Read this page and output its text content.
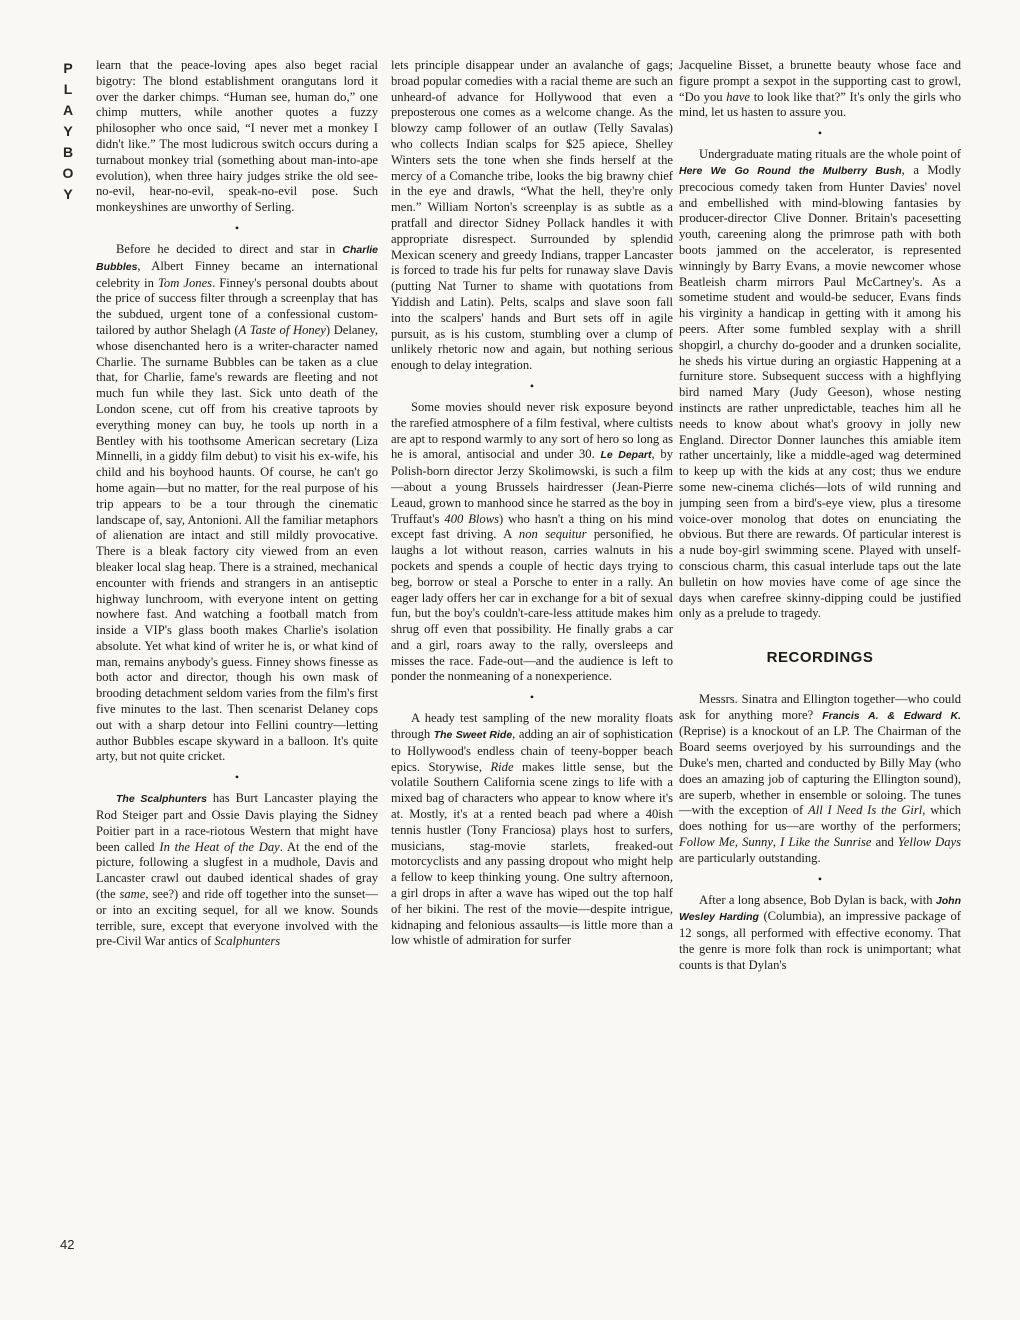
P
L
A
Y
B
O
Y
42

learn that the peace-loving apes also beget racial bigotry: The blond establishment orangutans lord it over the darker chimps. “Human see, human do,” one chimp mutters, while another quotes a fuzzy philosopher who once said, “I never met a monkey I didn't like.” The most ludicrous switch occurs during a turnabout monkey trial (something about man-into-ape evolution), when three hairy judges strike the old see-no-evil, hear-no-evil, speak-no-evil pose. Such monkeyshines are unworthy of Serling.

•

Before he decided to direct and star in Charlie Bubbles, Albert Finney became an international celebrity in Tom Jones. Finney's personal doubts about the price of success filter through a screenplay that has the subdued, urgent tone of a confessional custom-tailored by author Shelagh (A Taste of Honey) Delaney, whose disenchanted hero is a writer-character named Charlie. The surname Bubbles can be taken as a clue that, for Charlie, fame's rewards are fleeting and not much fun while they last. Sick unto death of the London scene, cut off from his creative taproots by everything money can buy, he tools up north in a Bentley with his toothsome American secretary (Liza Minnelli, in a giddy film debut) to visit his ex-wife, his child and his boyhood haunts. Of course, he can't go home again—but no matter, for the real purpose of his trip appears to be a tour through the cinematic landscape of, say, Antonioni. All the familiar metaphors of alienation are intact and still mildly provocative. There is a bleak factory city viewed from an even bleaker local slag heap. There is a strained, mechanical encounter with friends and strangers in an antiseptic highway lunchroom, with everyone intent on getting nowhere fast. And watching a football match from inside a VIP's glass booth makes Charlie's isolation absolute. Yet what kind of writer he is, or what kind of man, remains anybody's guess. Finney shows finesse as both actor and director, though his own mask of brooding detachment seldom varies from the film's first five minutes to the last. Then scenarist Delaney cops out with a sharp detour into Fellini country—letting author Bubbles escape skyward in a balloon. It's quite arty, but not quite cricket.

•

The Scalphunters has Burt Lancaster playing the Rod Steiger part and Ossie Davis playing the Sidney Poitier part in a race-riotous Western that might have been called In the Heat of the Day. At the end of the picture, following a slugfest in a mudhole, Davis and Lancaster crawl out daubed identical shades of gray (the same, see?) and ride off together into the sunset—or into an exciting sequel, for all we know. Sounds terrible, sure, except that everyone involved with the pre-Civil War antics of Scalphunters

lets principle disappear under an avalanche of gags; broad popular comedies with a racial theme are such an unheard-of advance for Hollywood that even a preposterous one comes as a welcome change. As the blowzy camp follower of an outlaw (Telly Savalas) who collects Indian scalps for $25 apiece, Shelley Winters sets the tone when she finds herself at the mercy of a Comanche tribe, looks the big brawny chief in the eye and drawls, “What the hell, they're only men.” William Norton's screenplay is as subtle as a pratfall and director Sidney Pollack handles it with appropriate disrespect. Surrounded by splendid Mexican scenery and greedy Indians, trapper Lancaster is forced to trade his fur pelts for runaway slave Davis (putting Nat Turner to shame with quotations from Yiddish and Latin). Pelts, scalps and slave soon fall into the scalpers' hands and Burt sets off in agile pursuit, as is his custom, stumbling over a clump of unlikely rhetoric now and again, but nothing serious enough to delay integration.

•

Some movies should never risk exposure beyond the rarefied atmosphere of a film festival, where cultists are apt to respond warmly to any sort of hero so long as he is amoral, antisocial and under 30. Le Depart, by Polish-born director Jerzy Skolimowski, is such a film—about a young Brussels hairdresser (Jean-Pierre Leaud, grown to manhood since he starred as the boy in Truffaut's 400 Blows) who hasn't a thing on his mind except fast driving. A non sequitur personified, he laughs a lot without reason, carries walnuts in his pockets and spends a couple of hectic days trying to beg, borrow or steal a Porsche to enter in a rally. An eager lady offers her car in exchange for a bit of sexual fun, but the boy's couldn't-care-less attitude makes him shrug off even that possibility. He finally grabs a car and a girl, roars away to the rally, oversleeps and misses the race. Fade-out—and the audience is left to ponder the nonmeaning of a nonexperience.

•

A heady test sampling of the new morality floats through The Sweet Ride, adding an air of sophistication to Hollywood's endless chain of teeny-bopper beach epics. Storywise, Ride makes little sense, but the volatile Southern California scene zings to life with a mixed bag of characters who appear to know where it's at. Mostly, it's at a rented beach pad where a 40ish tennis hustler (Tony Franciosa) plays host to surfers, musicians, stag-movie starlets, freaked-out motorcyclists and any passing dropout who might help a fellow to keep thinking young. One sultry afternoon, a girl drops in after a wave has wiped out the top half of her bikini. The rest of the movie—despite intrigue, kidnaping and felonious assaults—is little more than a low whistle of admiration for surfer

Jacqueline Bisset, a brunette beauty whose face and figure prompt a sexpot in the supporting cast to growl, “Do you have to look like that?” It's only the girls who mind, let us hasten to assure you.

•

Undergraduate mating rituals are the whole point of Here We Go Round the Mulberry Bush, a Modly precocious comedy taken from Hunter Davies' novel and embellished with mind-blowing fantasies by producer-director Clive Donner. Britain's pacesetting youth, careening along the primrose path with both boots jammed on the accelerator, is represented winningly by Barry Evans, a movie newcomer whose Beatleish charm mirrors Paul McCartney's. As a sometime student and would-be seducer, Evans finds his virginity a handicap in getting with it among his peers. After some fumbled sexplay with a shrill shopgirl, a churchy do-gooder and a drunken socialite, he sheds his virtue during an orgiastic Happening at a furniture store. Subsequent success with a highflying bird named Mary (Judy Geeson), whose nesting instincts are rather unpredictable, teaches him all he needs to know about what's groovy in jolly new England. Director Donner launches this amiable item rather uncertainly, like a middle-aged wag determined to keep up with the kids at any cost; thus we endure some new-cinema clichés—lots of wild running and jumping seen from a bird's-eye view, plus a tiresome voice-over monolog that dotes on enunciating the obvious. But there are rewards. Of particular interest is a nude boy-girl swimming scene. Played with unself-conscious charm, this casual interlude taps out the late bulletin on how movies have come of age since the days when carefree skinny-dipping could be justified only as a prelude to tragedy.

RECORDINGS

Messrs. Sinatra and Ellington together—who could ask for anything more? Francis A. & Edward K. (Reprise) is a knockout of an LP. The Chairman of the Board seems overjoyed by his surroundings and the Duke's men, charted and conducted by Billy May (who does an amazing job of capturing the Ellington sound), are superb, whether in ensemble or soloing. The tunes—with the exception of All I Need Is the Girl, which does nothing for us—are worthy of the performers; Follow Me, Sunny, I Like the Sunrise and Yellow Days are particularly outstanding.

•

After a long absence, Bob Dylan is back, with John Wesley Harding (Columbia), an impressive package of 12 songs, all performed with effective economy. That the genre is more folk than rock is unimportant; what counts is that Dylan's
